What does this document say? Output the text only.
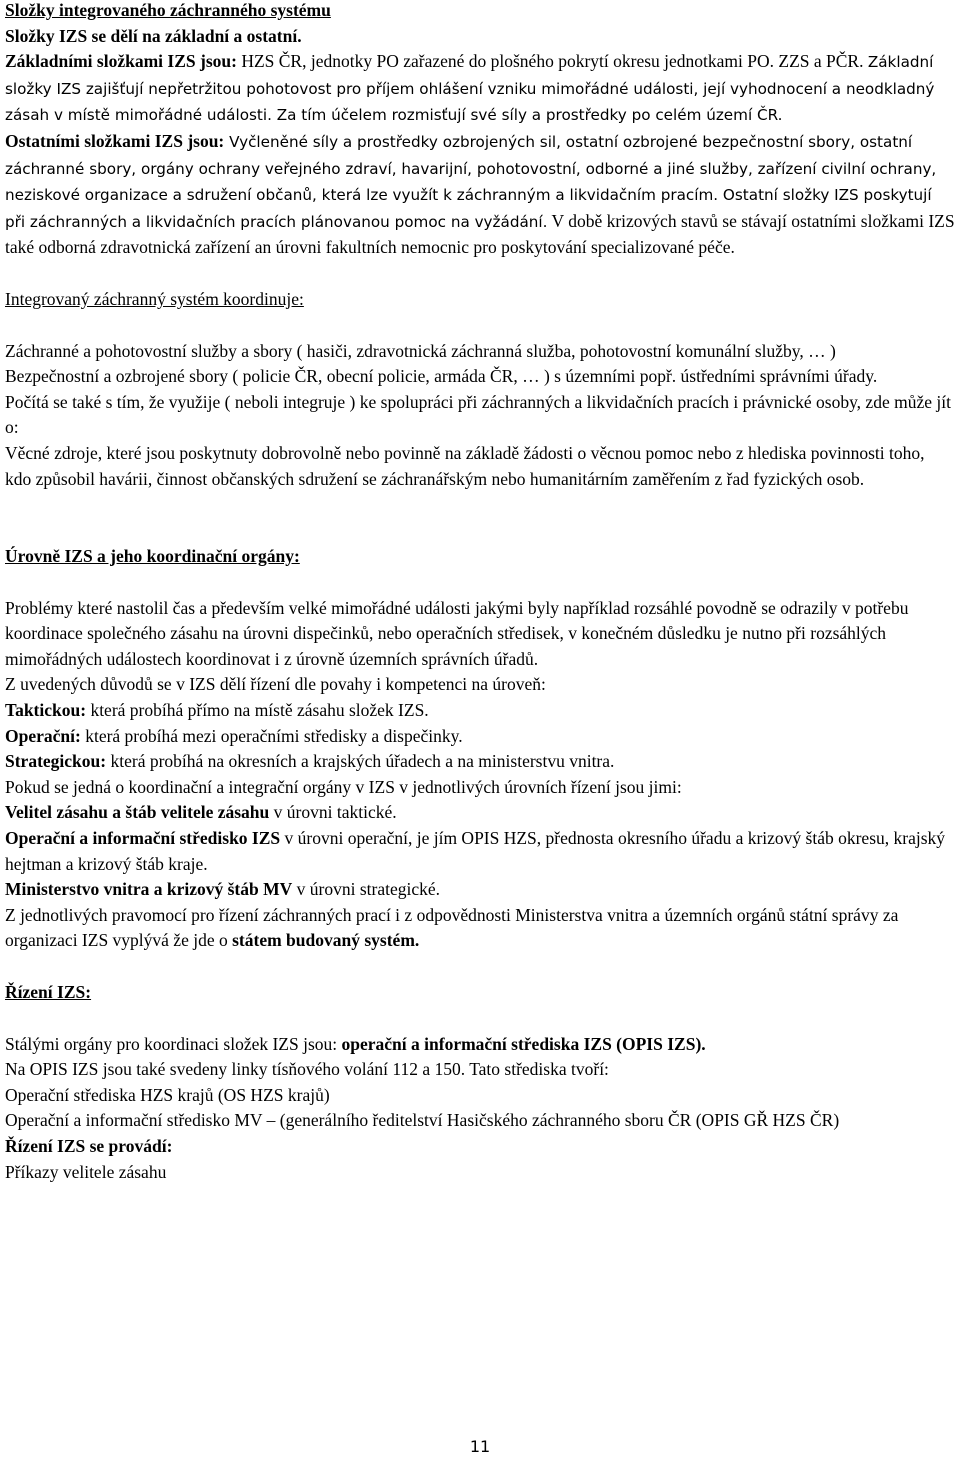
Složky integrovaného záchranného systému

Složky IZS se dělí na základní a ostatní.

Základními složkami IZS jsou: HZS ČR, jednotky PO zařazené do plošného pokrytí okresu jednotkami PO. ZZS a PČR. Základní složky IZS zajišťují nepřetržitou pohotovost pro příjem ohlášení vzniku mimořádné události, její vyhodnocení a neodkladný zásah v místě mimořádné události. Za tím účelem rozmisťují své síly a prostředky po celém území ČR.

Ostatními složkami IZS jsou: Vyčleněné síly a prostředky ozbrojených sil, ostatní ozbrojené bezpečnostní sbory, ostatní záchranné sbory, orgány ochrany veřejného zdraví, havarijní, pohotovostní, odborné a jiné služby, zařízení civilní ochrany, neziskové organizace a sdružení občanů, která lze využít k záchranným a likvidačním pracím. Ostatní složky IZS poskytují při záchranných a likvidačních pracích plánovanou pomoc na vyžádání. V době krizových stavů se stávají ostatními složkami IZS také odborná zdravotnická zařízení an úrovni fakultních nemocnic pro poskytování specializované péče.

Integrovaný záchranný systém koordinuje:

Záchranné a pohotovostní služby a sbory ( hasiči, zdravotnická záchranná služba, pohotovostní komunální služby, … )

Bezpečnostní a ozbrojené sbory ( policie ČR, obecní policie, armáda ČR, … ) s územními popř. ústředními správními úřady.

Počítá se také s tím, že využije ( neboli integruje ) ke spolupráci při záchranných a likvidačních pracích i právnické osoby, zde může jít o:

Věcné zdroje, které jsou poskytnuty dobrovolně nebo povinně na základě žádosti o věcnou pomoc nebo z hlediska povinnosti toho, kdo způsobil havárii, činnost občanských sdružení se záchranářským nebo humanitárním zaměřením z řad fyzických osob.

Úrovně IZS a jeho koordinační orgány:

Problémy které nastolil čas a především velké mimořádné události jakými byly například rozsáhlé povodně se odrazily v potřebu koordinace společného zásahu na úrovni dispečinků, nebo operačních středisek, v konečném důsledku je nutno při rozsáhlých mimořádných událostech koordinovat i z úrovně územních správních úřadů.

Z uvedených důvodů se v IZS dělí řízení dle povahy i kompetenci na úroveň:

Takticko​u: která probíhá přímo na místě zásahu složek IZS.

Operační: která probíhá mezi operačními středisky a dispečinky.

Strategickou: která probíhá na okresních a krajských úřadech a na ministerstvu vnitra.

Pokud se jedná o koordinační a integrační orgány v IZS v jednotlivých úrovních řízení jsou jimi:

Velitel zásahu a štáb velitele zásahu v úrovni taktické.

Operační a informační středisko IZS v úrovni operační, je jím OPIS HZS, přednosta okresního úřadu a krizový štáb okresu, krajský hejtman a krizový štáb kraje.

Ministerstvo vnitra a krizový štáb MV v úrovni strategické.

Z jednotlivých pravomocí pro řízení záchranných prací i z odpovědnosti Ministerstva vnitra a územních orgánů státní správy za organizaci IZS vyplývá že jde o státem budovaný systém.

Řízení IZS:

Stálými orgány pro koordinaci složek IZS jsou: operační a informační střediska IZS (OPIS IZS).

Na OPIS IZS jsou také svedeny linky tísňového volání 112 a 150. Tato střediska tvoří:

Operační střediska HZS krajů (OS HZS krajů)

Operační a informační středisko MV – (generálního ředitelství Hasičského záchranného sboru ČR (OPIS GŘ HZS ČR)

Řízení IZS se provádí:

Příkazy velitele zásahu

11
